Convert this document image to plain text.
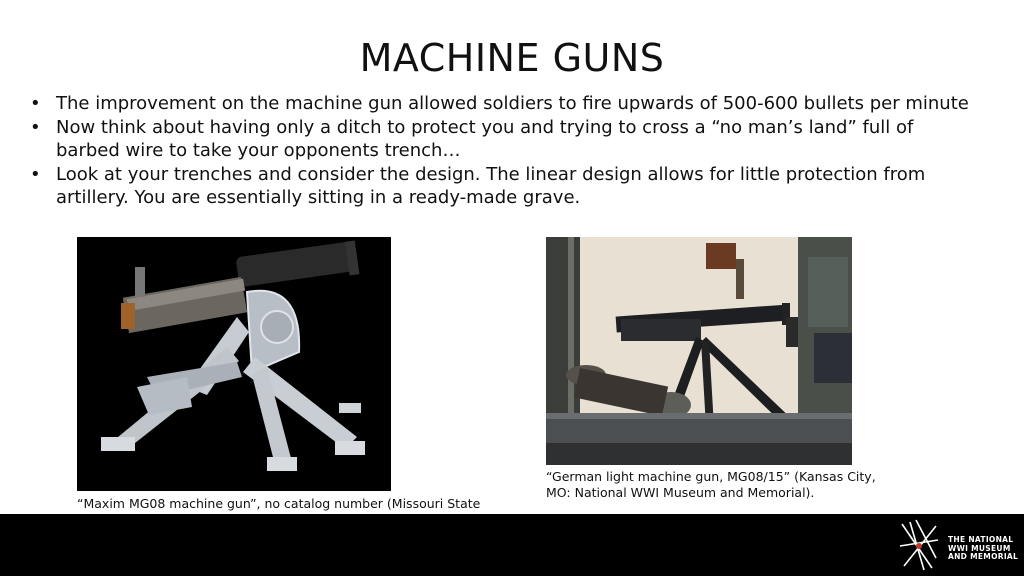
MACHINE GUNS
• The improvement on the machine gun allowed soldiers to fire upwards of 500-600 bullets per minute
• Now think about having only a ditch to protect you and trying to cross a “no man’s land” full of barbed wire to take your opponents trench…
• Look at your trenches and consider the design. The linear design allows for little protection from artillery. You are essentially sitting in a ready-made grave.
“German light machine gun, MG08/15” (Kansas City, MO: National WWI Museum and Memorial).
“Maxim MG08 machine gun”, no catalog number (Missouri State
THE NATIONAL
WWI MUSEUM
AND MEMORIAL
